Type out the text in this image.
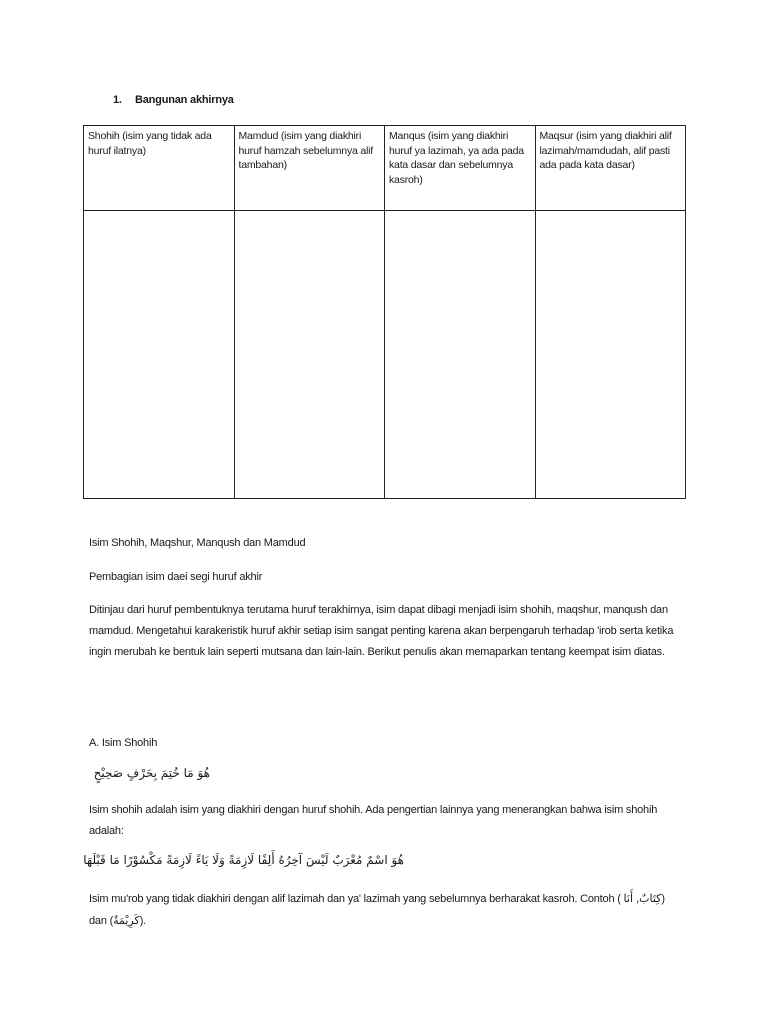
1. Bangunan akhirnya
Shohih (isim yang tidak ada huruf ilatnya)	Mamdud (isim yang diakhiri huruf hamzah sebelumnya alif tambahan)	Manqus (isim yang diakhiri huruf ya lazimah, ya ada pada kata dasar dan sebelumnya kasroh)	Maqsur (isim yang diakhiri alif lazimah/mamdudah, alif pasti ada pada kata dasar)

Isim Shohih, Maqshur, Manqush dan Mamdud
Pembagian isim daei segi huruf akhir
Ditinjau dari huruf pembentuknya terutama huruf terakhirnya, isim dapat dibagi menjadi isim shohih, maqshur, manqush dan mamdud. Mengetahui karakeristik huruf akhir setiap isim sangat penting karena akan berpengaruh terhadap 'irob serta ketika ingin merubah ke bentuk lain seperti mutsana dan lain-lain. Berikut penulis akan memaparkan tentang keempat isim diatas.
A. Isim Shohih
هُوَ مَا خُتِمَ بِحَرْفٍ صَحِيْحٍ
Isim shohih adalah isim yang diakhiri dengan huruf shohih. Ada pengertian lainnya yang menerangkan bahwa isim shohih adalah:
هُوَ اسْمٌ مُعْرَبٌ لَيْسَ آخِرُهُ أَلِفًا لَازِمَةً وَلَا يَاءً لَازِمَةً مَكْسُوْرًا مَا قَبْلَهَا
Isim mu'rob yang tidak diakhiri dengan alif lazimah dan ya' lazimah yang sebelumnya berharakat kasroh. Contoh ( كِتَابٌ, أَنَا	) dan (كَرِيْمَةٌ).
